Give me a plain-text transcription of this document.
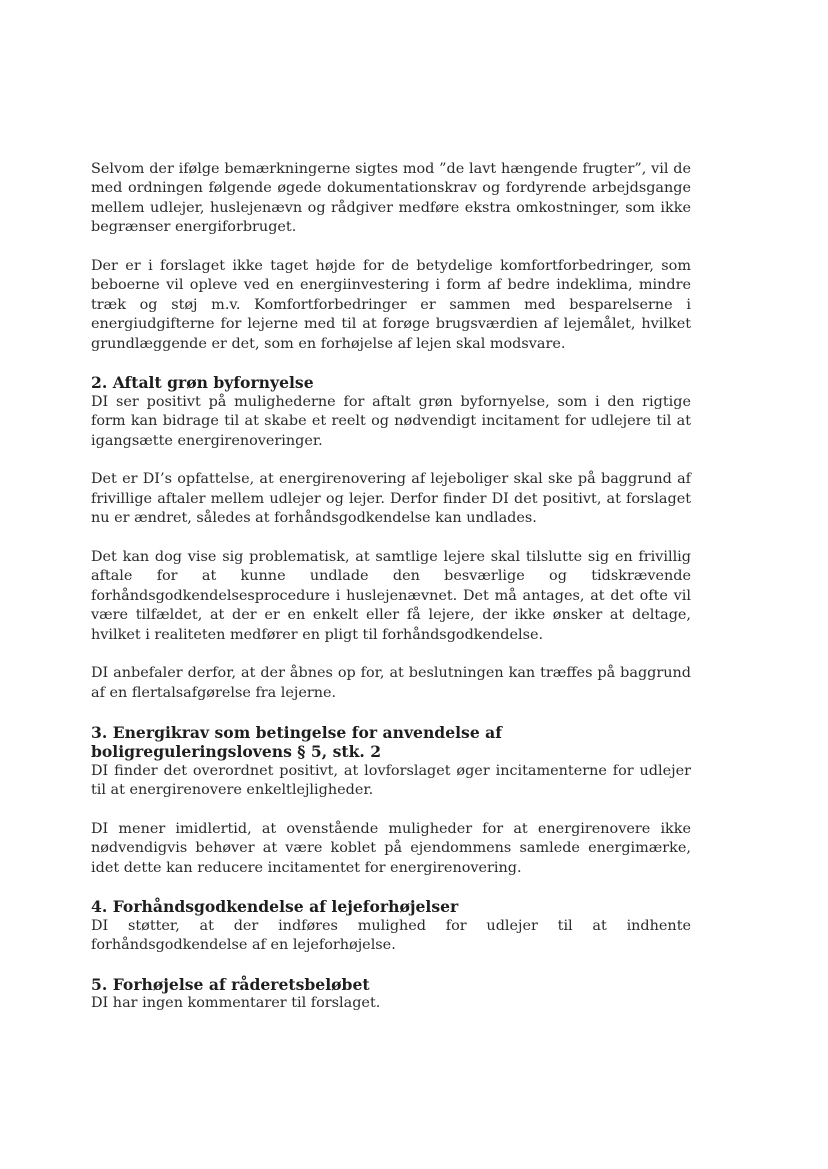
Selvom der ifølge bemærkningerne sigtes mod ”de lavt hængende frugter”, vil de med ordningen følgende øgede dokumentationskrav og fordyrende arbejdsgange mellem udlejer, huslejenævn og rådgiver medføre ekstra omkostninger, som ikke begrænser energiforbruget.

Der er i forslaget ikke taget højde for de betydelige komfortforbedringer, som beboerne vil opleve ved en energiinvestering i form af bedre indeklima, mindre træk og støj m.v. Komfortforbedringer er sammen med besparelserne i energiudgifterne for lejerne med til at forøge brugsværdien af lejemålet, hvilket grundlæggende er det, som en forhøjelse af lejen skal modsvare.

2. Aftalt grøn byfornyelse

DI ser positivt på mulighederne for aftalt grøn byfornyelse, som i den rigtige form kan bidrage til at skabe et reelt og nødvendigt incitament for udlejere til at igangsætte energirenoveringer.

Det er DI’s opfattelse, at energirenovering af lejeboliger skal ske på baggrund af frivillige aftaler mellem udlejer og lejer. Derfor finder DI det positivt, at forslaget nu er ændret, således at forhåndsgodkendelse kan undlades.

Det kan dog vise sig problematisk, at samtlige lejere skal tilslutte sig en frivillig aftale for at kunne undlade den besværlige og tidskrævende forhåndsgodkendelsesprocedure i huslejenævnet. Det må antages, at det ofte vil være tilfældet, at der er en enkelt eller få lejere, der ikke ønsker at deltage, hvilket i realiteten medfører en pligt til forhåndsgodkendelse.

DI anbefaler derfor, at der åbnes op for, at beslutningen kan træffes på baggrund af en flertalsafgørelse fra lejerne.

3. Energikrav som betingelse for anvendelse af boligreguleringslovens § 5, stk. 2

DI finder det overordnet positivt, at lovforslaget øger incitamenterne for udlejer til at energirenovere enkeltlejligheder.

DI mener imidlertid, at ovenstående muligheder for at energirenovere ikke nødvendigvis behøver at være koblet på ejendommens samlede energimærke, idet dette kan reducere incitamentet for energirenovering.

4. Forhåndsgodkendelse af lejeforhøjelser

DI støtter, at der indføres mulighed for udlejer til at indhente forhåndsgodkendelse af en lejeforhøjelse.

5. Forhøjelse af råderetsbeløbet

DI har ingen kommentarer til forslaget.
